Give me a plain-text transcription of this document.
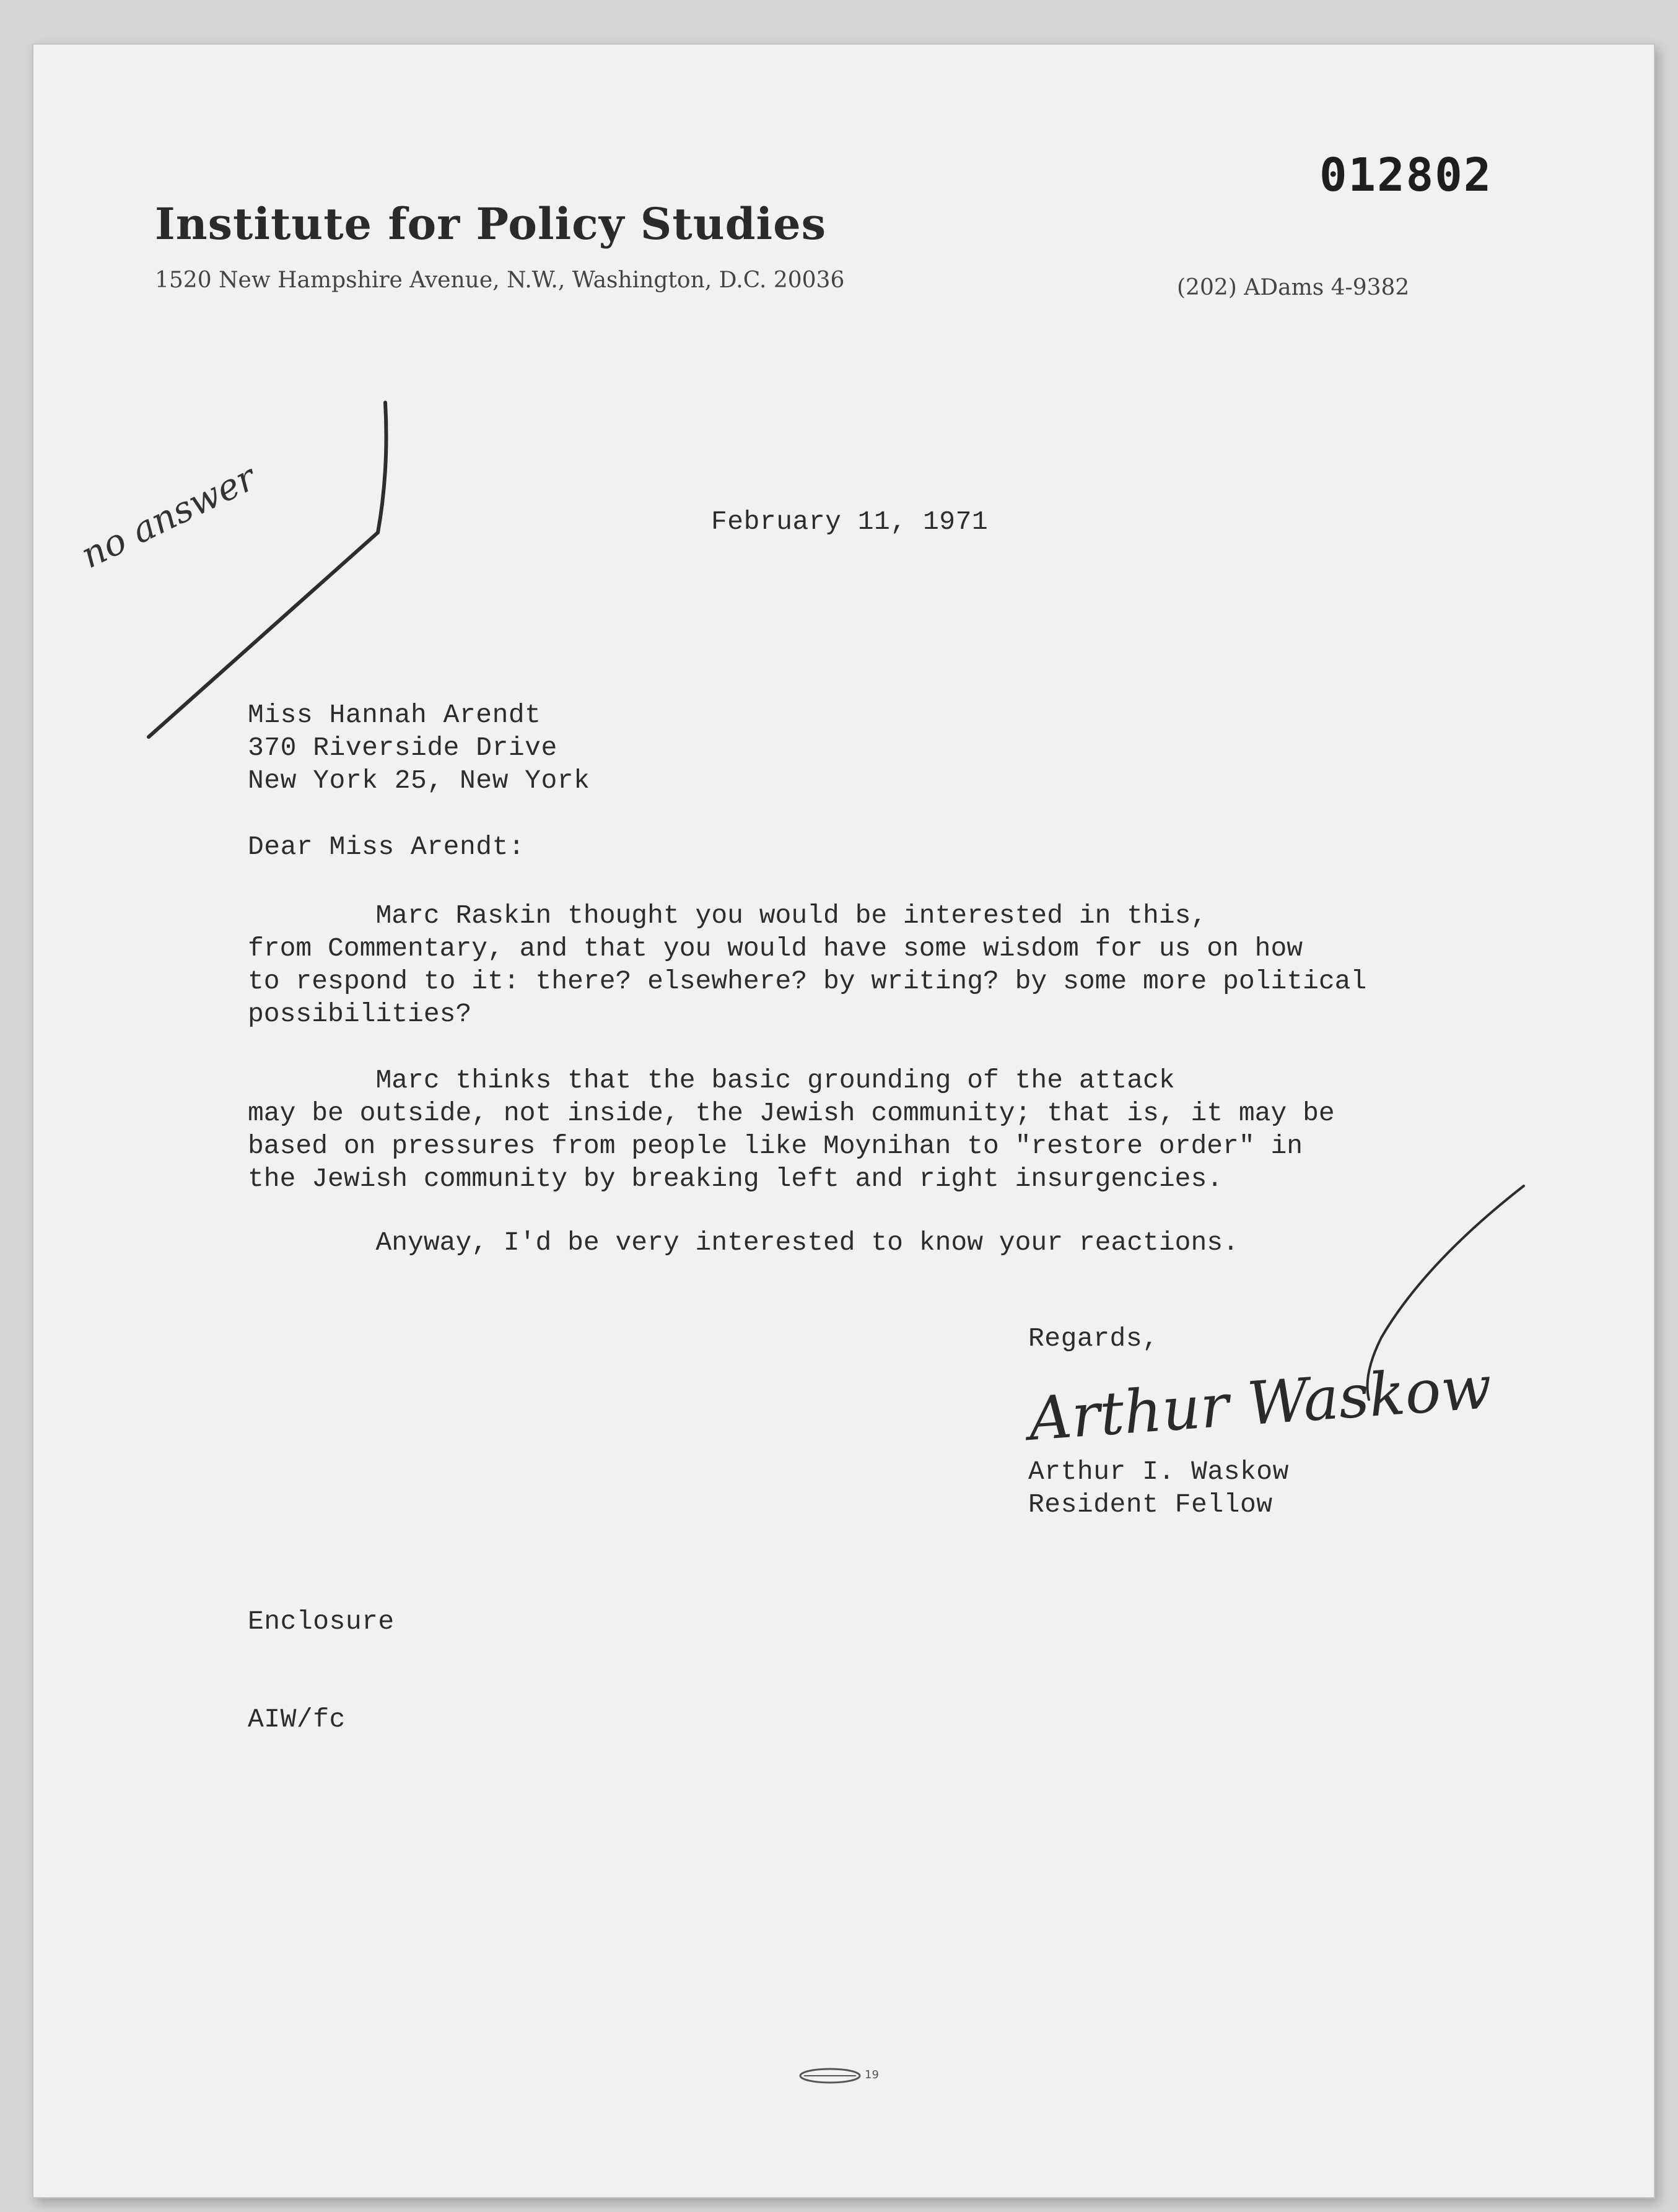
012802
Institute for Policy Studies
1520 New Hampshire Avenue, N.W., Washington, D.C. 20036	(202) ADams 4-9382
no answer	February 11, 1971
Miss Hannah Arendt
370 Riverside Drive
New York 25, New York
Dear Miss Arendt:
Marc Raskin thought you would be interested in this,
from Commentary, and that you would have some wisdom for us on how
to respond to it: there? elsewhere? by writing? by some more political
possibilities?
Marc thinks that the basic grounding of the attack
may be outside, not inside, the Jewish community; that is, it may be
based on pressures from people like Moynihan to "restore order" in
the Jewish community by breaking left and right insurgencies.
Anyway, I'd be very interested to know your reactions.
Regards,
Arthur Waskow
Arthur I. Waskow
Resident Fellow
Enclosure
AIW/fc
19
